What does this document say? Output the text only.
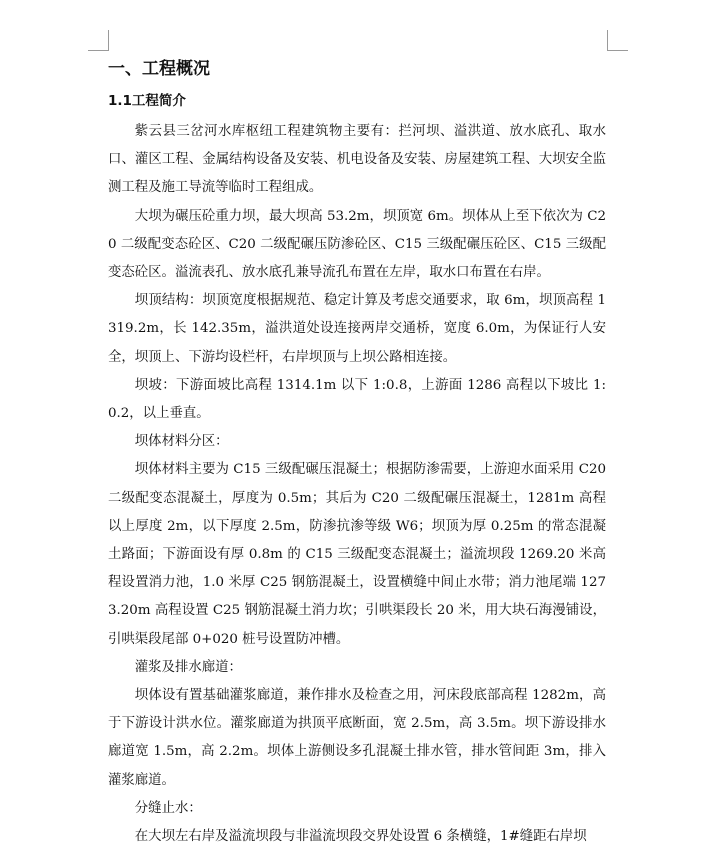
一、工程概况
1.1工程简介

紫云县三岔河水库枢纽工程建筑物主要有：拦河坝、溢洪道、放水底孔、取水口、灌区工程、金属结构设备及安装、机电设备及安装、房屋建筑工程、大坝安全监测工程及施工导流等临时工程组成。

大坝为碾压砼重力坝，最大坝高 53.2m，坝顶宽 6m。坝体从上至下依次为 C20 二级配变态砼区、C20 二级配碾压防渗砼区、C15 三级配碾压砼区、C15 三级配变态砼区。溢流表孔、放水底孔兼导流孔布置在左岸，取水口布置在右岸。

坝顶结构：坝顶宽度根据规范、稳定计算及考虑交通要求，取 6m，坝顶高程 1319.2m，长 142.35m，溢洪道处设连接两岸交通桥，宽度 6.0m，为保证行人安全，坝顶上、下游均设栏杆，右岸坝顶与上坝公路相连接。

坝坡：下游面坡比高程 1314.1m 以下 1:0.8，上游面 1286 高程以下坡比 1:0.2，以上垂直。

坝体材料分区：

坝体材料主要为 C15 三级配碾压混凝土；根据防渗需要，上游迎水面采用 C20 二级配变态混凝土，厚度为 0.5m；其后为 C20 二级配碾压混凝土，1281m 高程以上厚度 2m，以下厚度 2.5m，防渗抗渗等级 W6；坝顶为厚 0.25m 的常态混凝土路面；下游面设有厚 0.8m 的 C15 三级配变态混凝土；溢流坝段 1269.20 米高程设置消力池，1.0 米厚 C25 钢筋混凝土，设置横缝中间止水带；消力池尾端 1273.20m 高程设置 C25 钢筋混凝土消力坎；引哄渠段长 20 米，用大块石海漫铺设，引哄渠段尾部 0+020 桩号设置防冲槽。

灌浆及排水廊道：

坝体设有置基础灌浆廊道，兼作排水及检查之用，河床段底部高程 1282m，高于下游设计洪水位。灌浆廊道为拱顶平底断面，宽 2.5m，高 3.5m。坝下游设排水廊道宽 1.5m，高 2.2m。坝体上游侧设多孔混凝土排水管，排水管间距 3m，排入灌浆廊道。

分缝止水：

在大坝左右岸及溢流坝段与非溢流坝段交界处设置 6 条横缝，1#缝距右岸坝
